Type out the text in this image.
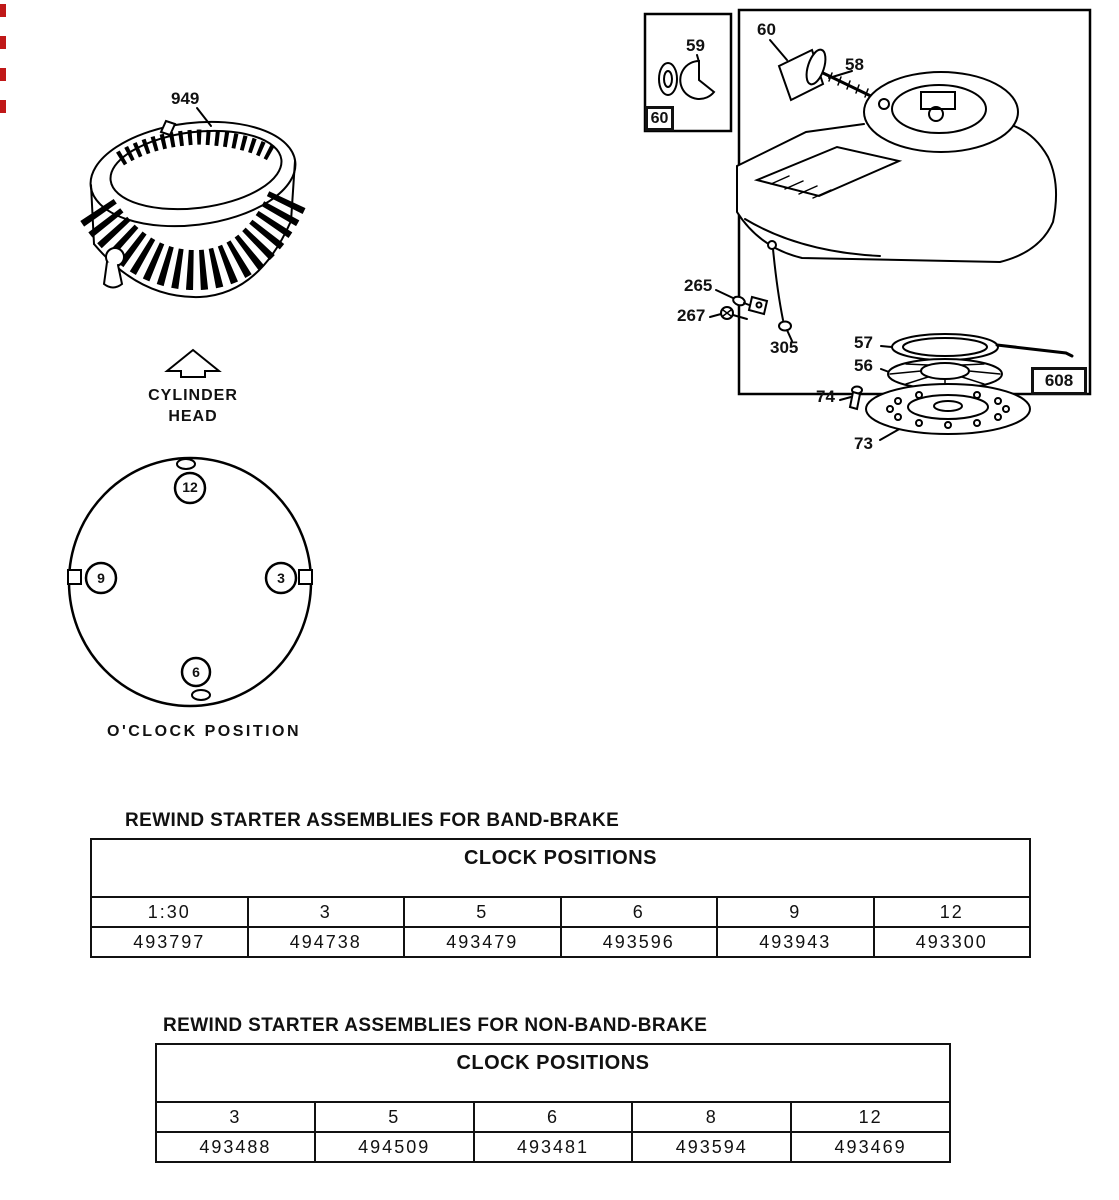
949
CYLINDER
HEAD
12
3
9
6
O'CLOCK POSITION
59
60
60
58
265
267
305	57
56
74
73
608
REWIND STARTER ASSEMBLIES FOR BAND-BRAKE
CLOCK POSITIONS
1:30	3	5	6	9	12
493797	494738	493479	493596	493943	493300
REWIND STARTER ASSEMBLIES FOR NON-BAND-BRAKE
CLOCK POSITIONS
3	5	6	8	12
493488	494509	493481	493594	493469
